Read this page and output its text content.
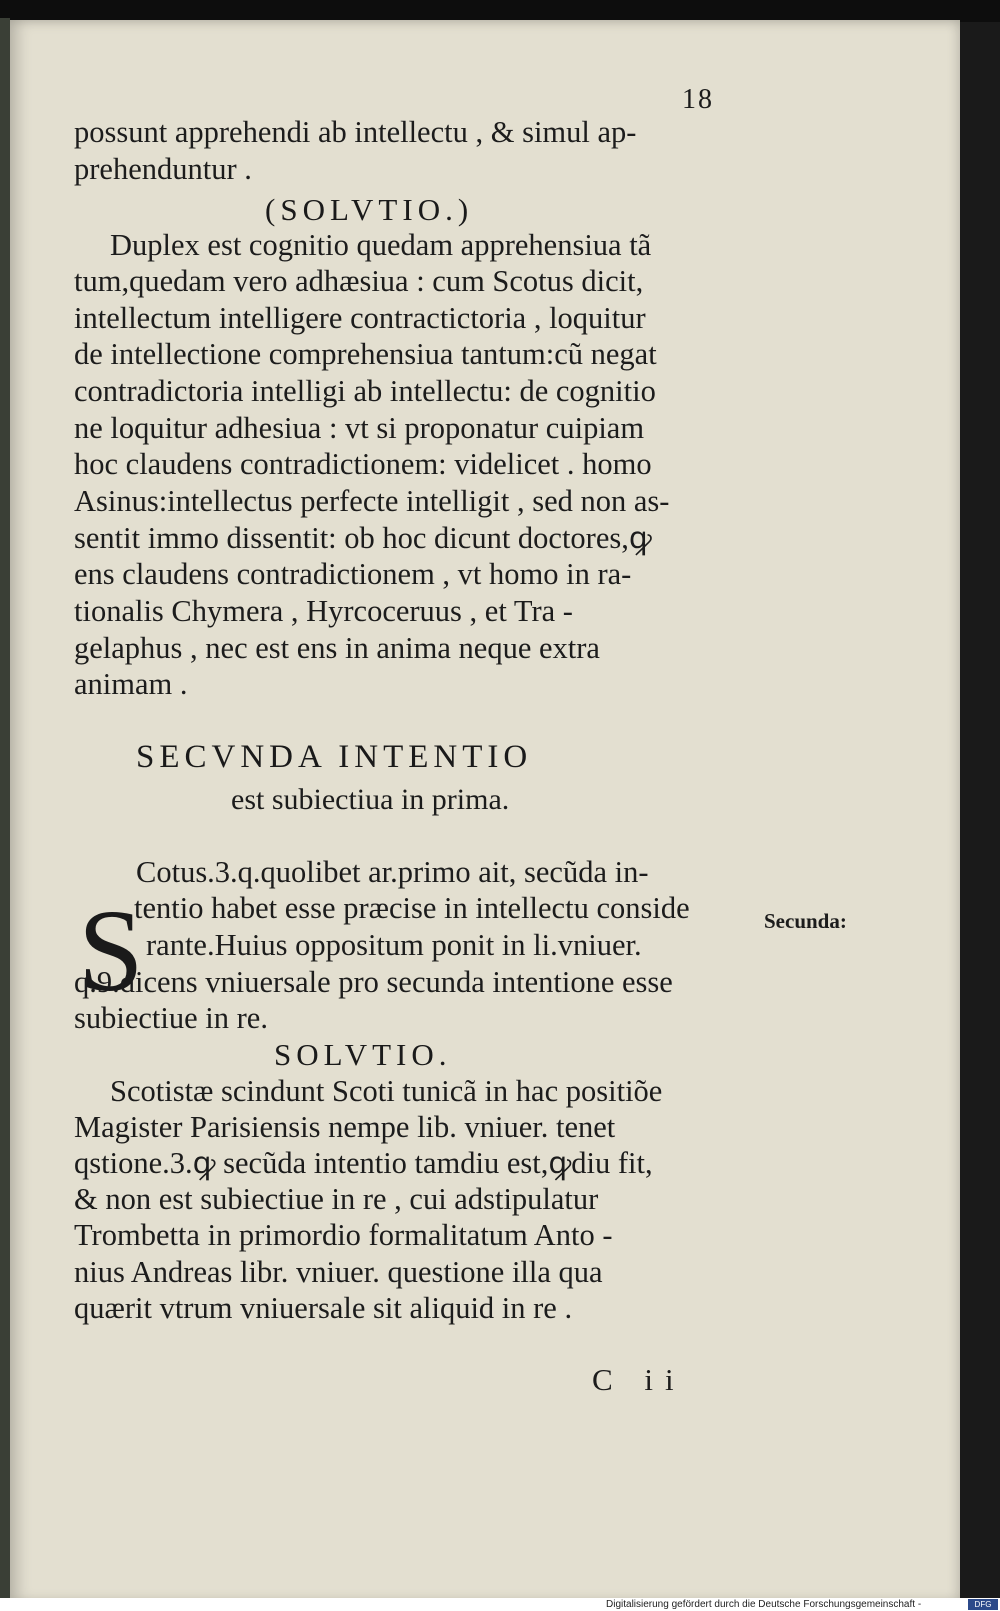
18
possunt apprehendi ab intellectu , & simul ap-
prehenduntur .
(SOLVTIO.)
Duplex est cognitio quedam apprehensiua tã
tum,quedam vero adhæsiua : cum Scotus dicit,
intellectum intelligere contractictoria , loquitur
de intellectione comprehensiua tantum:cũ negat
contradictoria intelligi ab intellectu: de cognitio
ne loquitur adhesiua : vt si proponatur cuipiam
hoc claudens contradictionem: videlicet . homo
Asinus:intellectus perfecte intelligit , sed non as-
sentit immo dissentit: ob hoc dicunt doctores,ꝙ
ens claudens contradictionem , vt homo in ra-
tionalis Chymera , Hyrcoceruus , et Tra -
gelaphus , nec est ens in anima neque extra
animam .
SECVNDA INTENTIO
est subiectiua in prima.
S	Secunda:
Cotus.3.q.quolibet ar.primo ait, secũda in-
tentio habet esse præcise in intellectu conside
rante.Huius oppositum ponit in li.vniuer.
q.9.dicens vniuersale pro secunda intentione esse
subiectiue in re.
SOLVTIO.
Scotistæ scindunt Scoti tunicã in hac positiõe
Magister Parisiensis nempe lib. vniuer. tenet
qstione.3.ꝙ secũda intentio tamdiu est,ꝙdiu fit,
& non est subiectiue in re , cui adstipulatur
Trombetta in primordio formalitatum Anto -
nius Andreas libr. vniuer. questione illa qua
quærit vtrum vniuersale sit aliquid in re .
C ii
Digitalisierung gefördert durch die Deutsche Forschungsgemeinschaft -	DFG
